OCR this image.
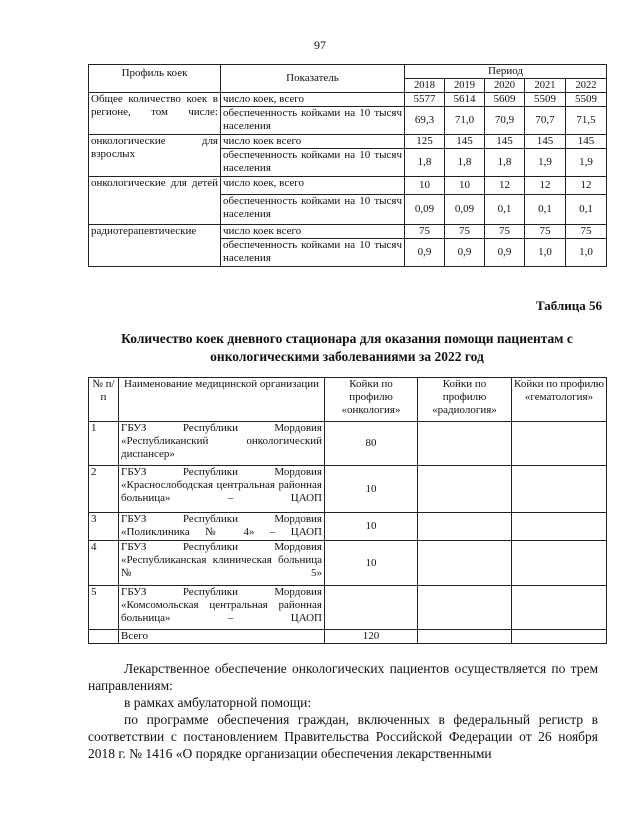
97
Профиль коек	Показатель	Период				
		2018	2019	2020	2021	2022
Общее количество коек в регионе, том числе:	число коек, всего	5577	5614	5609	5509	5509
	обеспеченность койками на 10 тысяч населения	69,3	71,0	70,9	70,7	71,5
онкологические для взрослых	число коек всего	125	145	145	145	145
	обеспеченность койками на 10 тысяч населения	1,8	1,8	1,8	1,9	1,9
онкологические для детей	число коек, всего	10	10	12	12	12
	обеспеченность койками на 10 тысяч населения	0,09	0,09	0,1	0,1	0,1
радиотерапевтические	число коек всего	75	75	75	75	75
	обеспеченность койками на 10 тысяч населения	0,9	0,9	0,9	1,0	1,0
Таблица 56
Количество коек дневного стационара для оказания помощи пациентам с онкологическими заболеваниями за 2022 год
№ п/п	Наименование медицинской организации	Койки по профилю «онкология»	Койки по профилю «радиология»	Койки по профилю «гематология»
1	ГБУЗ Республики Мордовия «Республиканский онкологический диспансер»	80		
2	ГБУЗ Республики Мордовия «Краснослободская центральная районная больница» – ЦАОП	10		
3	ГБУЗ Республики Мордовия «Поликлиника № 4» – ЦАОП	10		
4	ГБУЗ Республики Мордовия «Республиканская клиническая больница № 5»	10		
5	ГБУЗ Республики Мордовия «Комсомольская центральная районная больница» – ЦАОП			
	Всего	120		
Лекарственное обеспечение онкологических пациентов осуществляется по трем направлениям:
в рамках амбулаторной помощи:
по программе обеспечения граждан, включенных в федеральный регистр в соответствии с постановлением Правительства Российской Федерации от 26 ноября 2018 г. № 1416 «О порядке организации обеспечения лекарственными
